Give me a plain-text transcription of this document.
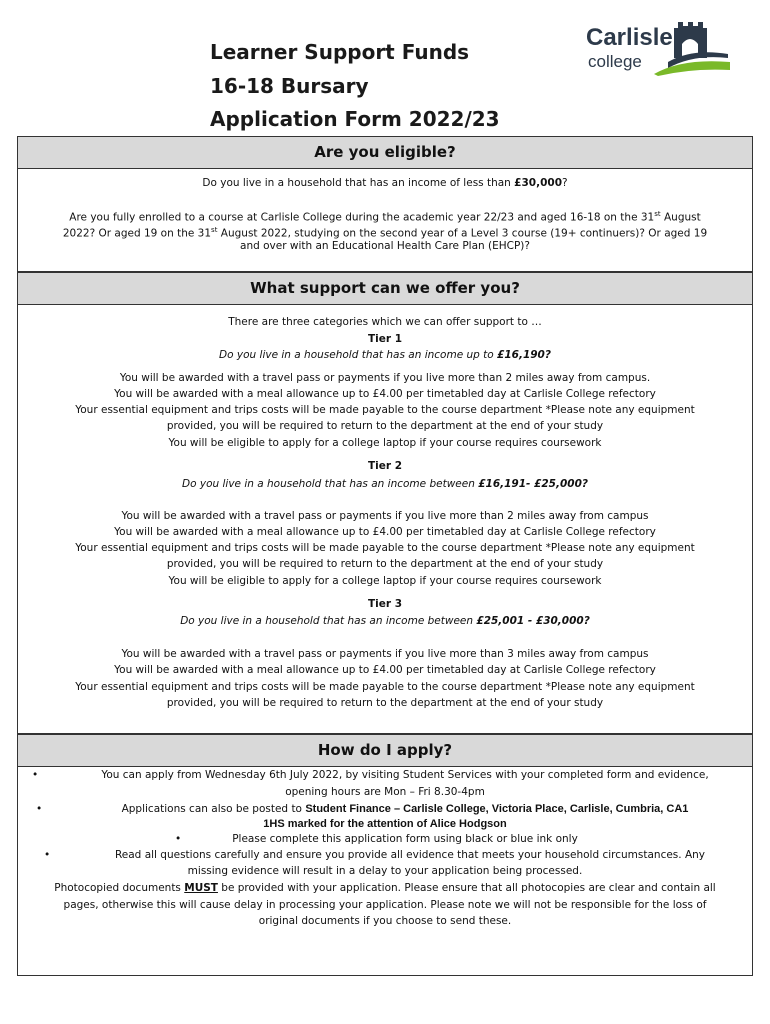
Learner Support Funds
16-18 Bursary
Application Form 2022/23
Carlisle
college
Are you eligible?
Do you live in a household that has an income of less than £30,000?
Are you fully enrolled to a course at Carlisle College during the academic year 22/23 and aged 16-18 on the 31st August
2022? Or aged 19 on the 31st August 2022, studying on the second year of a Level 3 course (19+ continuers)? Or aged 19
and over with an Educational Health Care Plan (EHCP)?
What support can we offer you?
There are three categories which we can offer support to …
Tier 1
Do you live in a household that has an income up to £16,190?
You will be awarded with a travel pass or payments if you live more than 2 miles away from campus.
You will be awarded with a meal allowance up to £4.00 per timetabled day at Carlisle College refectory
Your essential equipment and trips costs will be made payable to the course department *Please note any equipment
provided, you will be required to return to the department at the end of your study
You will be eligible to apply for a college laptop if your course requires coursework
Tier 2
Do you live in a household that has an income between £16,191- £25,000?
You will be awarded with a travel pass or payments if you live more than 2 miles away from campus
You will be awarded with a meal allowance up to £4.00 per timetabled day at Carlisle College refectory
Your essential equipment and trips costs will be made payable to the course department *Please note any equipment
provided, you will be required to return to the department at the end of your study
You will be eligible to apply for a college laptop if your course requires coursework
Tier 3
Do you live in a household that has an income between £25,001 - £30,000?
You will be awarded with a travel pass or payments if you live more than 3 miles away from campus
You will be awarded with a meal allowance up to £4.00 per timetabled day at Carlisle College refectory
Your essential equipment and trips costs will be made payable to the course department *Please note any equipment
provided, you will be required to return to the department at the end of your study
How do I apply?
•	You can apply from Wednesday 6th July 2022, by visiting Student Services with your completed form and evidence,
opening hours are Mon – Fri 8.30-4pm
•	Applications can also be posted to Student Finance – Carlisle College, Victoria Place, Carlisle, Cumbria, CA1
1HS marked for the attention of Alice Hodgson
•	Please complete this application form using black or blue ink only
•	Read all questions carefully and ensure you provide all evidence that meets your household circumstances. Any
missing evidence will result in a delay to your application being processed.
Photocopied documents MUST be provided with your application. Please ensure that all photocopies are clear and contain all
pages, otherwise this will cause delay in processing your application. Please note we will not be responsible for the loss of
original documents if you choose to send these.
